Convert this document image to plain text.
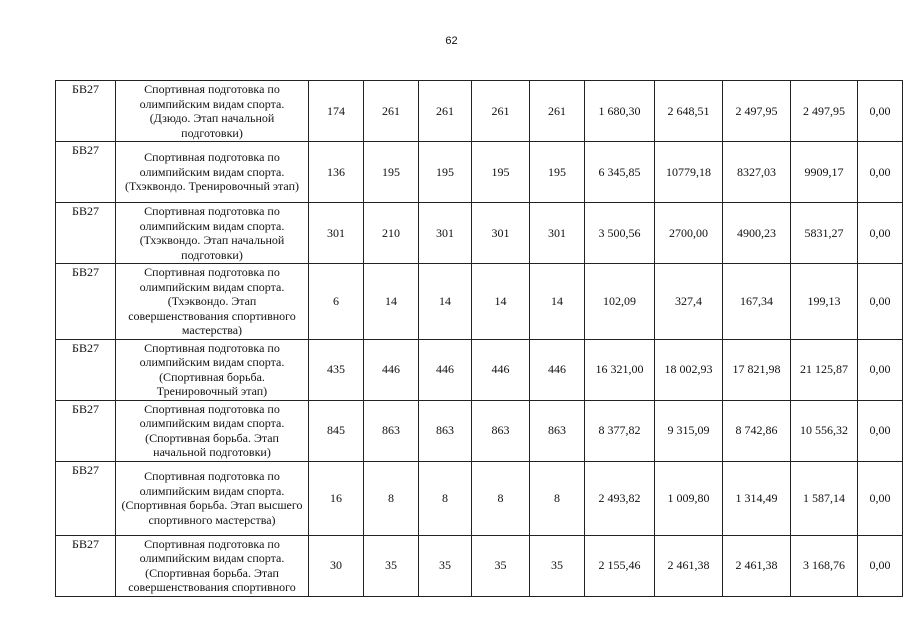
62
БВ27	Спортивная подготовка по олимпийским видам спорта. (Дзюдо. Этап начальной подготовки)	174	261	261	261	261	1 680,30	2 648,51	2 497,95	2 497,95	0,00
БВ27	Спортивная подготовка по олимпийским видам спорта. (Тхэквондо. Тренировочный этап)	136	195	195	195	195	6 345,85	10779,18	8327,03	9909,17	0,00
БВ27	Спортивная подготовка по олимпийским видам спорта. (Тхэквондо. Этап начальной подготовки)	301	210	301	301	301	3 500,56	2700,00	4900,23	5831,27	0,00
БВ27	Спортивная подготовка по олимпийским видам спорта. (Тхэквондо. Этап совершенствования спортивного мастерства)	6	14	14	14	14	102,09	327,4	167,34	199,13	0,00
БВ27	Спортивная подготовка по олимпийским видам спорта. (Спортивная борьба. Тренировочный этап)	435	446	446	446	446	16 321,00	18 002,93	17 821,98	21 125,87	0,00
БВ27	Спортивная подготовка по олимпийским видам спорта. (Спортивная борьба. Этап начальной подготовки)	845	863	863	863	863	8 377,82	9 315,09	8 742,86	10 556,32	0,00
БВ27	Спортивная подготовка по олимпийским видам спорта. (Спортивная борьба. Этап высшего спортивного мастерства)	16	8	8	8	8	2 493,82	1 009,80	1 314,49	1 587,14	0,00
БВ27	Спортивная подготовка по олимпийским видам спорта. (Спортивная борьба. Этап совершенствования спортивного	30	35	35	35	35	2 155,46	2 461,38	2 461,38	3 168,76	0,00
